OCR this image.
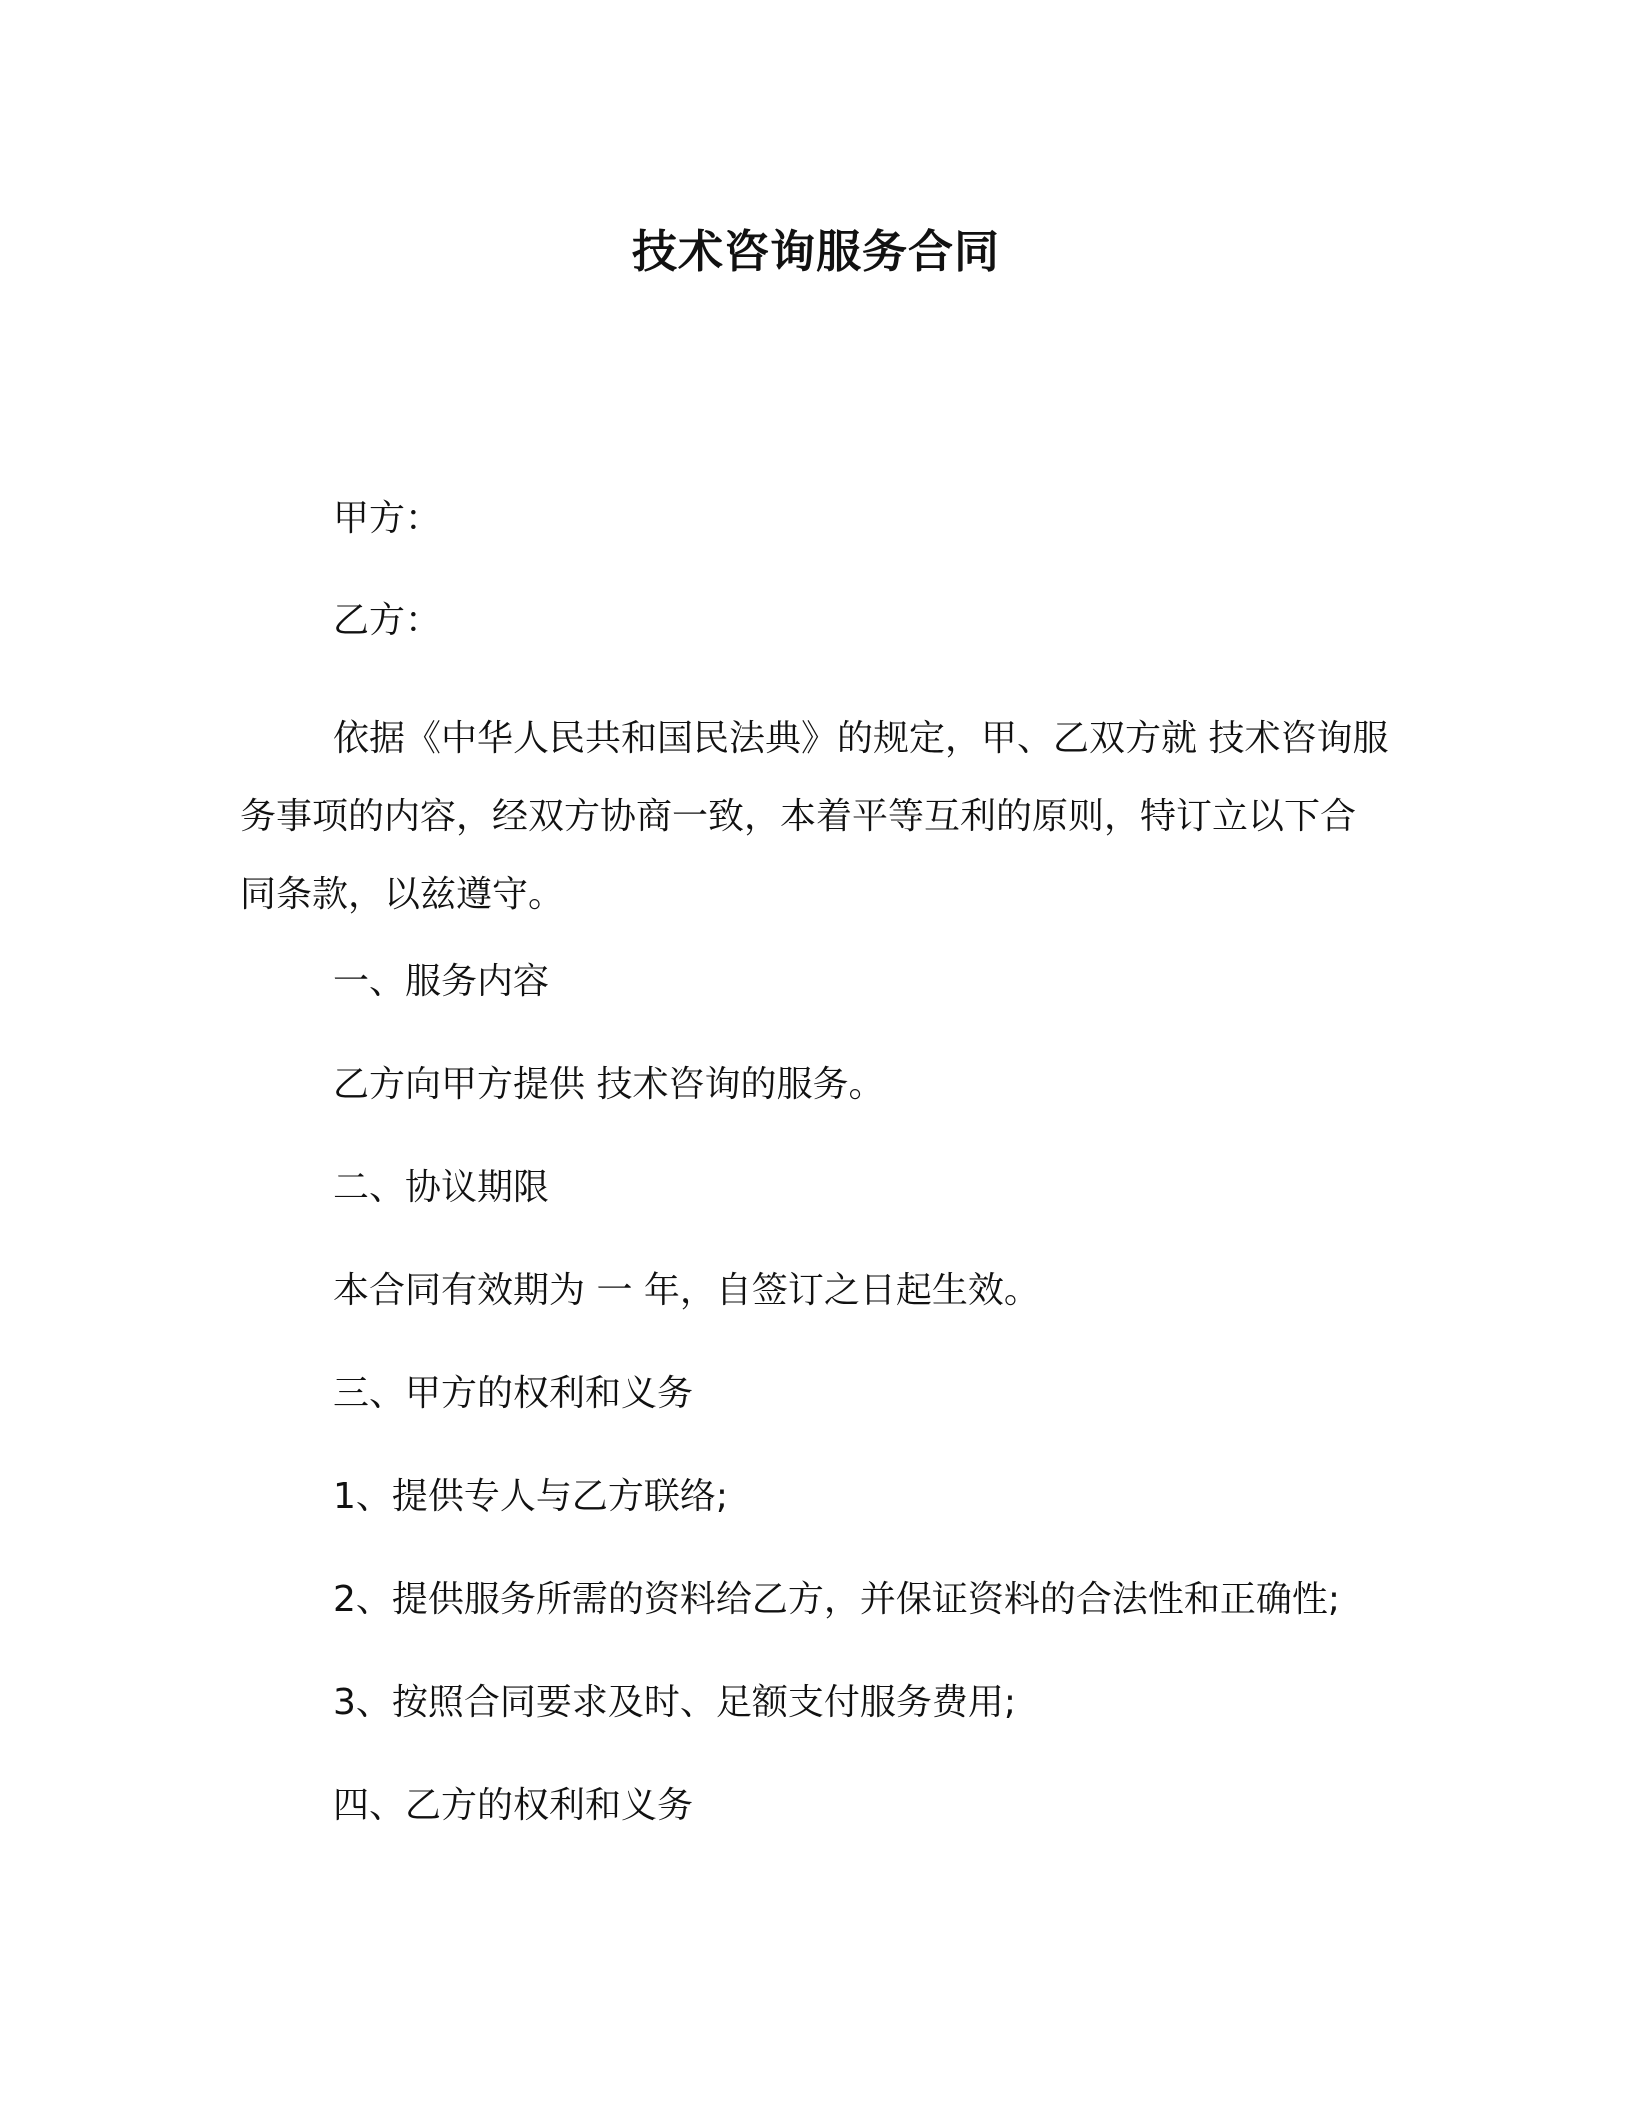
技术咨询服务合同
甲方：
乙方：
依据《中华人民共和国民法典》的规定，甲、乙双方就 技术咨询服务事项的内容，经双方协商一致，本着平等互利的原则，特订立以下合同条款，以兹遵守。
一、服务内容
乙方向甲方提供 技术咨询的服务。
二、协议期限
本合同有效期为 一 年，自签订之日起生效。
三、甲方的权利和义务
1、提供专人与乙方联络;
2、提供服务所需的资料给乙方，并保证资料的合法性和正确性;
3、按照合同要求及时、足额支付服务费用;
四、乙方的权利和义务
